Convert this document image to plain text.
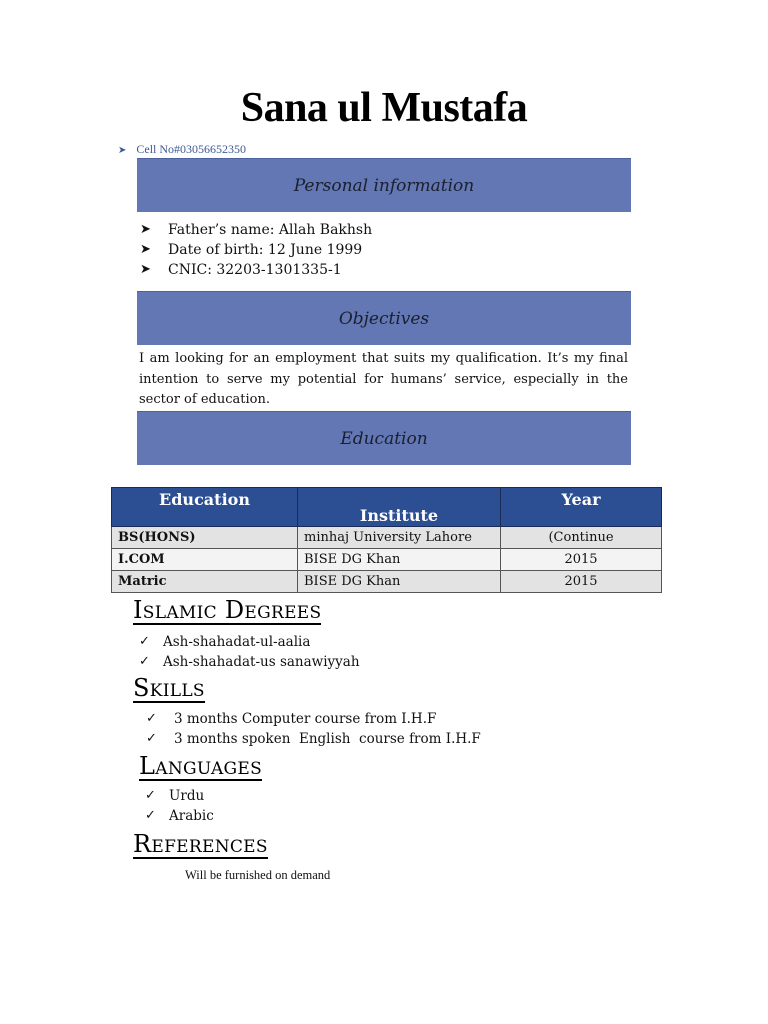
Sana ul Mustafa
➤ Cell No#03056652350
Personal information
➤	Father’s name: Allah Bakhsh
➤	Date of birth: 12 June 1999
➤	CNIC: 32203-1301335-1
Objectives
I am looking for an employment that suits my qualification. It’s my final intention to serve my potential for humans’ service, especially in the sector of education.
Education
Education	Institute	Year
BS(HONS)	minhaj University Lahore	(Continue
I.COM	BISE DG Khan	2015
Matric	BISE DG Khan	2015
Islamic Degrees
✓ Ash-shahadat-ul-aalia
✓ Ash-shahadat-us sanawiyyah
Skills
✓	3 months Computer course from I.H.F
✓	3 months spoken  English  course from I.H.F
Languages
✓ Urdu
✓ Arabic
References
Will be furnished on demand
